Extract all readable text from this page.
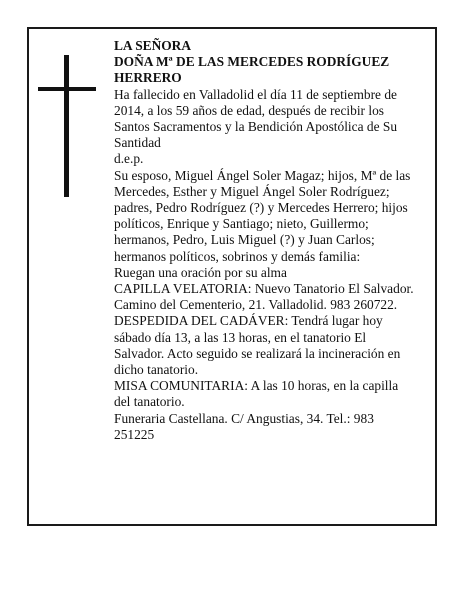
LA SEÑORA

DOÑA Mª DE LAS MERCEDES RODRÍGUEZ HERRERO

Ha fallecido en Valladolid el día 11 de septiembre de 2014, a los 59 años de edad, después de recibir los Santos Sacramentos y la Bendición Apostólica de Su Santidad

d.e.p.

Su esposo, Miguel Ángel Soler Magaz; hijos, Mª de las Mercedes, Esther y Miguel Ángel Soler Rodríguez; padres, Pedro Rodríguez (?) y Mercedes Herrero; hijos políticos, Enrique y Santiago; nieto, Guillermo; hermanos, Pedro, Luis Miguel (?) y Juan Carlos; hermanos políticos, sobrinos y demás familia:

Ruegan una oración por su alma

CAPILLA VELATORIA: Nuevo Tanatorio El Salvador. Camino del Cementerio, 21. Valladolid. 983 260722.

DESPEDIDA DEL CADÁVER: Tendrá lugar hoy sábado día 13, a las 13 horas, en el tanatorio El Salvador. Acto seguido se realizará la incineración en dicho tanatorio.

MISA COMUNITARIA: A las 10 horas, en la capilla del tanatorio.

Funeraria Castellana. C/ Angustias, 34. Tel.: 983 251225
